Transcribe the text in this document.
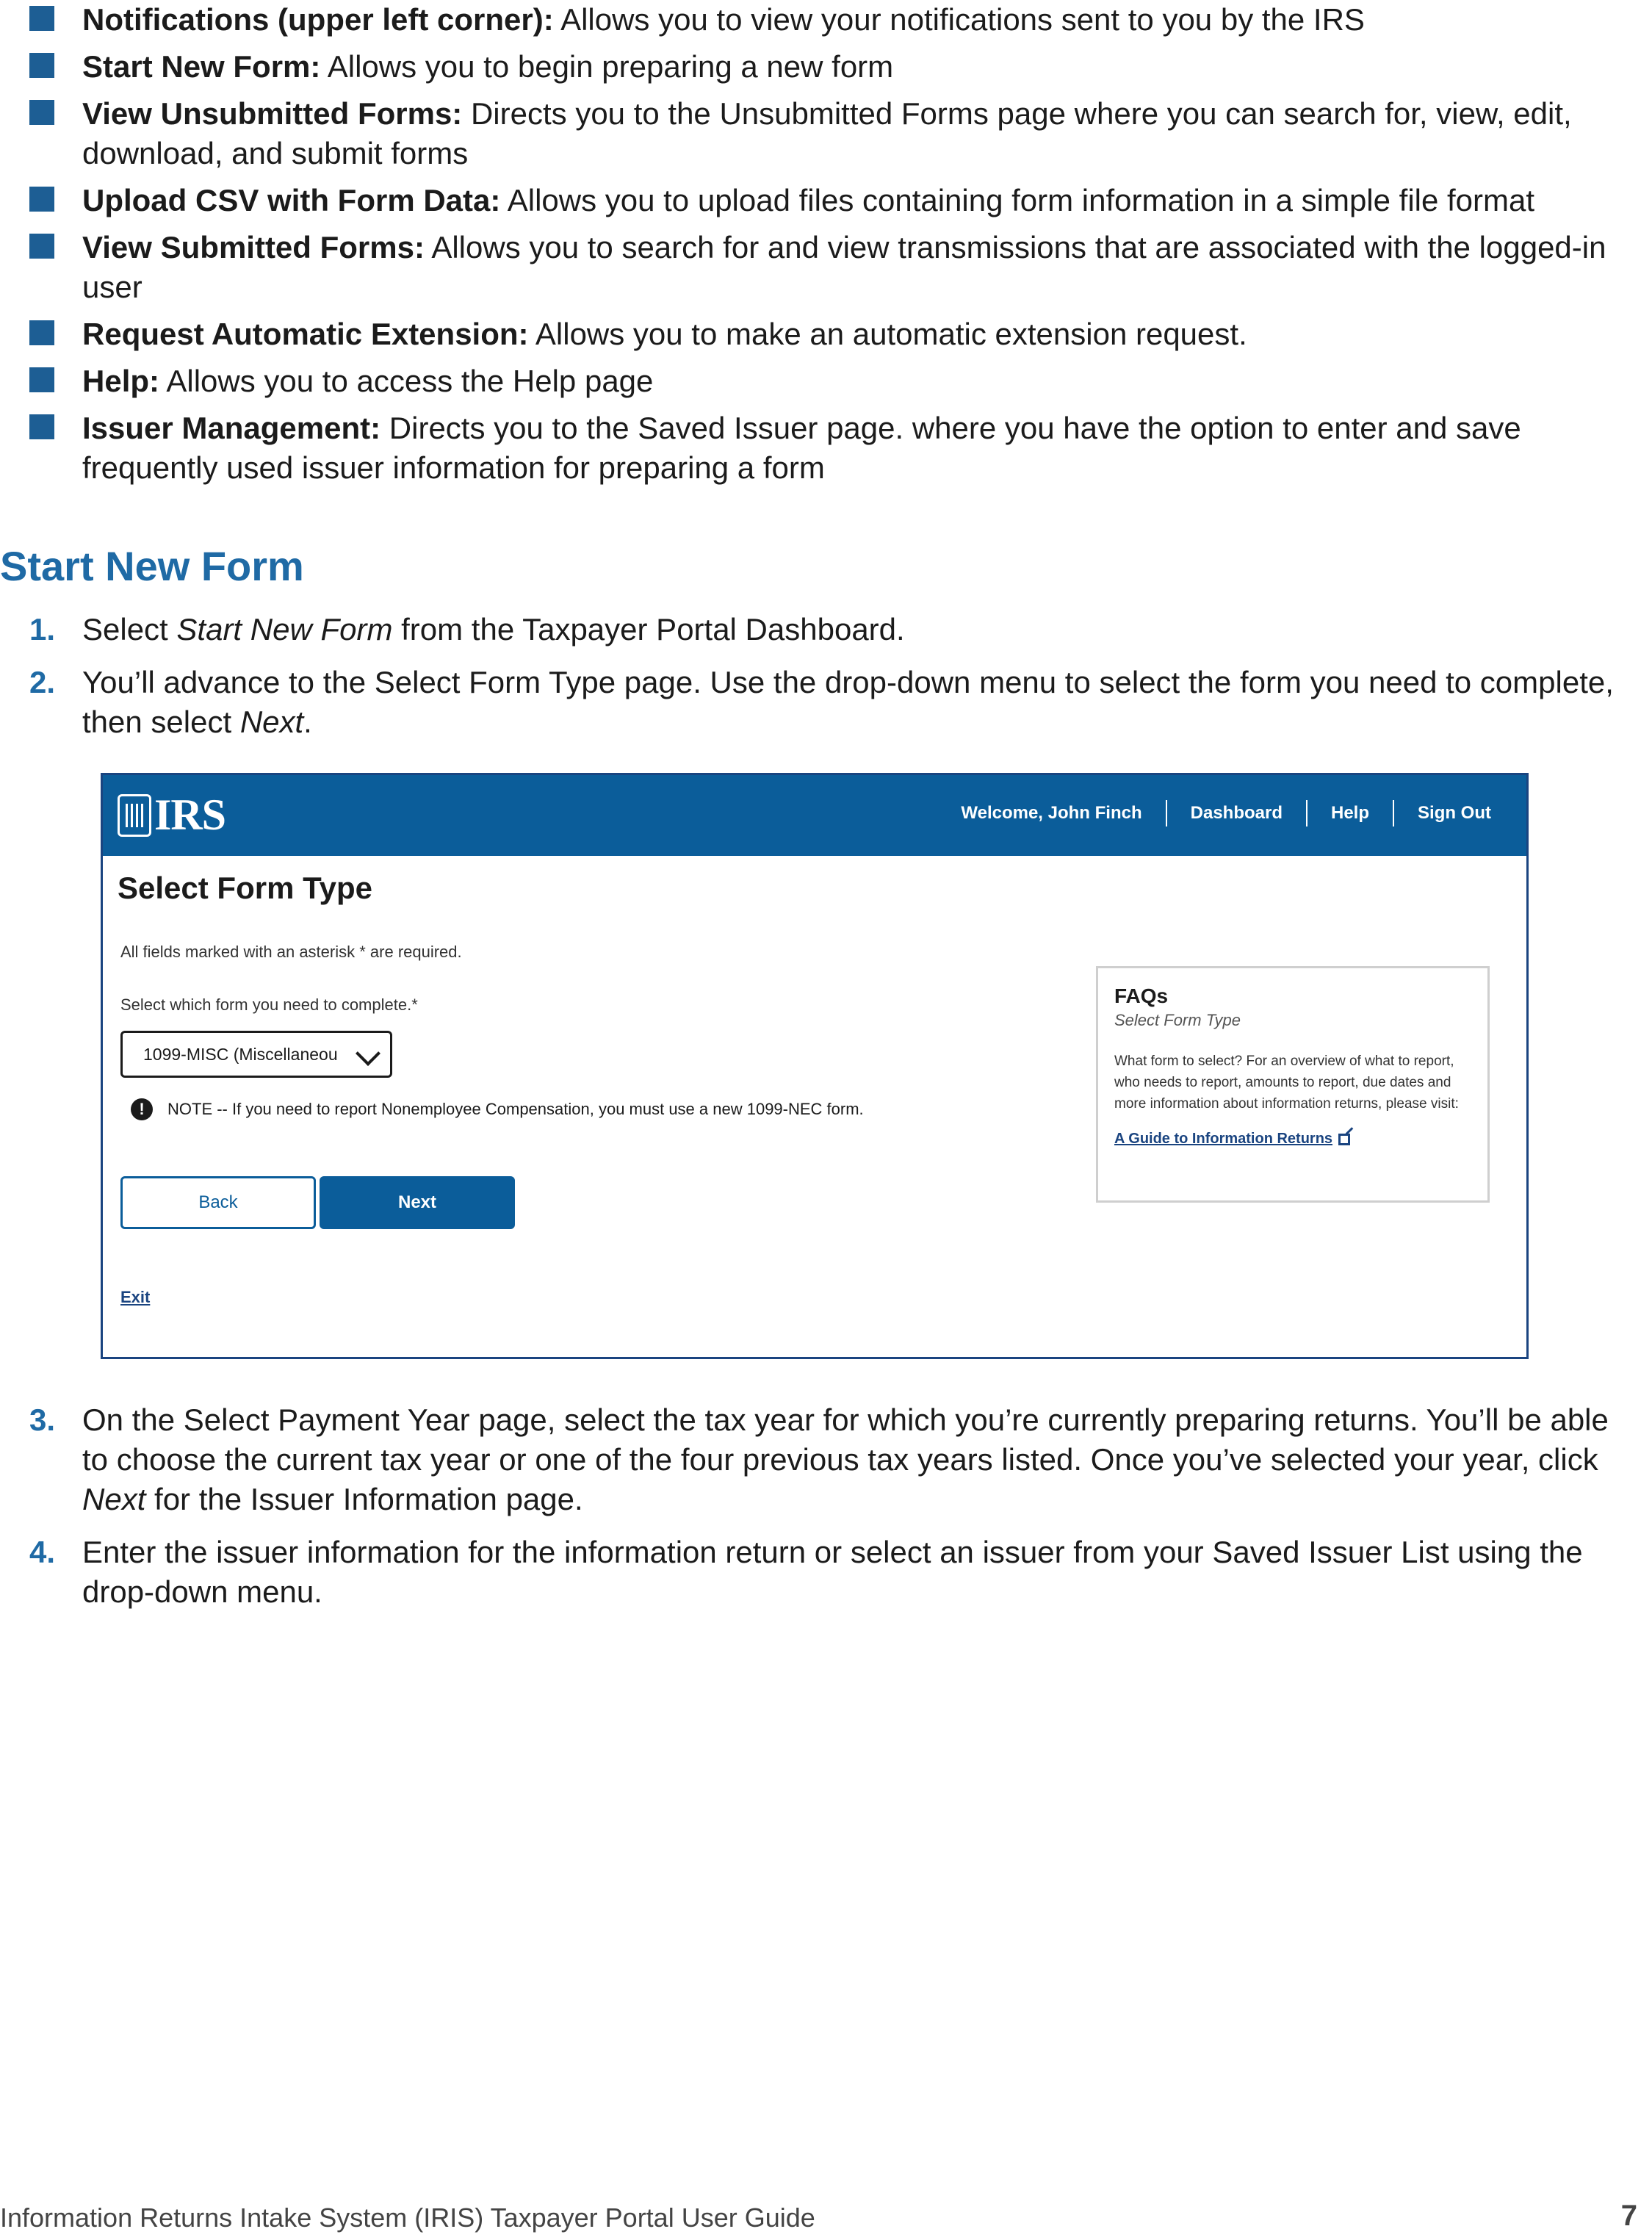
Notifications (upper left corner): Allows you to view your notifications sent to you by the IRS
Start New Form: Allows you to begin preparing a new form
View Unsubmitted Forms: Directs you to the Unsubmitted Forms page where you can search for, view, edit, download, and submit forms
Upload CSV with Form Data: Allows you to upload files containing form information in a simple file format
View Submitted Forms: Allows you to search for and view transmissions that are associated with the logged-in user
Request Automatic Extension: Allows you to make an automatic extension request.
Help: Allows you to access the Help page
Issuer Management: Directs you to the Saved Issuer page. where you have the option to enter and save frequently used issuer information for preparing a form
Start New Form
1. Select Start New Form from the Taxpayer Portal Dashboard.
2. You’ll advance to the Select Form Type page. Use the drop-down menu to select the form you need to complete, then select Next.
IRS	Welcome, John Finch	Dashboard	Help	Sign Out
Select Form Type
All fields marked with an asterisk * are required.
Select which form you need to complete.*
1099-MISC (Miscellaneou
!	NOTE -- If you need to report Nonemployee Compensation, you must use a new 1099-NEC form.
Back	Next
Exit
FAQs
Select Form Type
What form to select? For an overview of what to report, who needs to report, amounts to report, due dates and more information about information returns, please visit:
A Guide to Information Returns
3. On the Select Payment Year page, select the tax year for which you’re currently preparing returns. You’ll be able to choose the current tax year or one of the four previous tax years listed. Once you’ve selected your year, click Next for the Issuer Information page.
4. Enter the issuer information for the information return or select an issuer from your Saved Issuer List using the drop-down menu.
Information Returns Intake System (IRIS) Taxpayer Portal User Guide	7
